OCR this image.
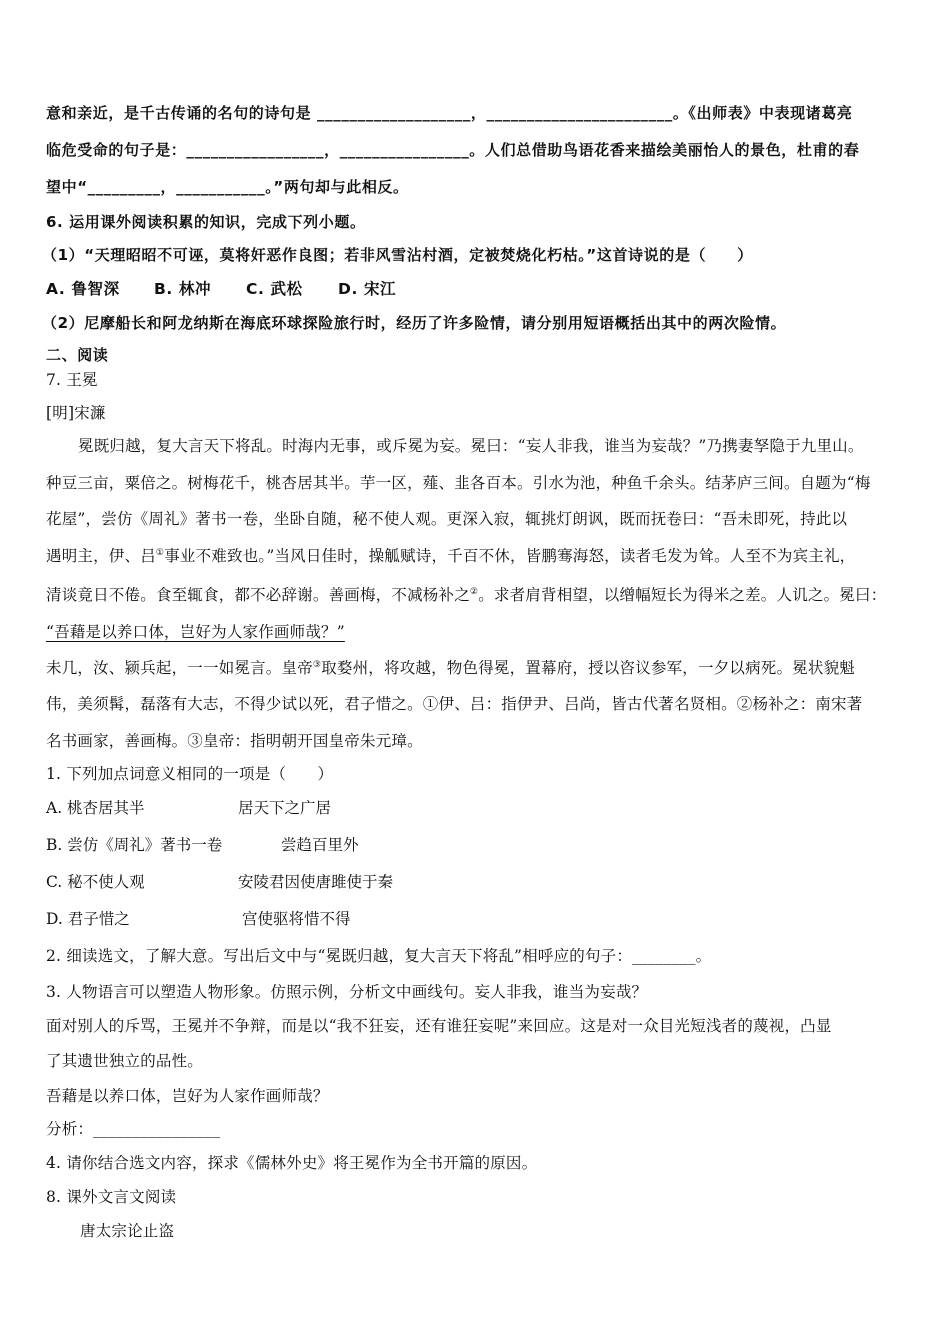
意和亲近，是千古传诵的名句的诗句是 ___________________，_______________________。《出师表》中表现诸葛亮
临危受命的句子是：_________________，________________。人们总借助鸟语花香来描绘美丽怡人的景色，杜甫的春
望中“_________，___________。”两句却与此相反。
6. 运用课外阅读积累的知识，完成下列小题。
（1）“天理昭昭不可诬，莫将奸恶作良图；若非风雪沾村酒，定被焚烧化朽枯。”这首诗说的是（　　）
A. 鲁智深 B. 林冲 C. 武松 D. 宋江
（2）尼摩船长和阿龙纳斯在海底环球探险旅行时，经历了许多险情，请分别用短语概括出其中的两次险情。
二、阅读
7. 王冕
[明]宋濂
冕既归越，复大言天下将乱。时海内无事，或斥冕为妄。冕曰：“妄人非我，谁当为妄哉？”乃携妻孥隐于九里山。
种豆三亩，粟倍之。树梅花千，桃杏居其半。芋一区，薤、韭各百本。引水为池，种鱼千余头。结茅庐三间。自题为“梅
花屋”，尝仿《周礼》著书一卷，坐卧自随，秘不使人观。更深入寂，辄挑灯朗讽，既而抚卷曰：“吾未即死，持此以
遇明主，伊、吕①事业不难致也。”当风日佳时，操觚赋诗，千百不休，皆鹏骞海怒，读者毛发为耸。人至不为宾主礼，
清谈竟日不倦。食至辄食，都不必辞谢。善画梅，不减杨补之②。求者肩背相望，以缯幅短长为得米之差。人讥之。冕曰：
“吾藉是以养口体，岂好为人家作画师哉？”
未几，汝、颍兵起，一一如冕言。皇帝③取婺州，将攻越，物色得冕，置幕府，授以咨议参军，一夕以病死。冕状貌魁
伟，美须髯，磊落有大志，不得少试以死，君子惜之。①伊、吕：指伊尹、吕尚，皆古代著名贤相。②杨补之：南宋著
名书画家，善画梅。③皇帝：指明朝开国皇帝朱元璋。
1. 下列加点词意义相同的一项是（　　）
A. 桃杏居其半	居天下之广居
B. 尝仿《周礼》著书一卷	尝趋百里外
C. 秘不使人观	安陵君因使唐雎使于秦
D. 君子惜之	宫使驱将惜不得
2. 细读选文，了解大意。写出后文中与“冕既归越，复大言天下将乱”相呼应的句子：________。
3. 人物语言可以塑造人物形象。仿照示例，分析文中画线句。妄人非我，谁当为妄哉？
面对别人的斥骂，王冕并不争辩，而是以“我不狂妄，还有谁狂妄呢”来回应。这是对一众目光短浅者的蔑视，凸显
了其遗世独立的品性。
吾藉是以养口体，岂好为人家作画师哉？
分析：________________
4. 请你结合选文内容，探求《儒林外史》将王冕作为全书开篇的原因。
8. 课外文言文阅读
唐太宗论止盗
